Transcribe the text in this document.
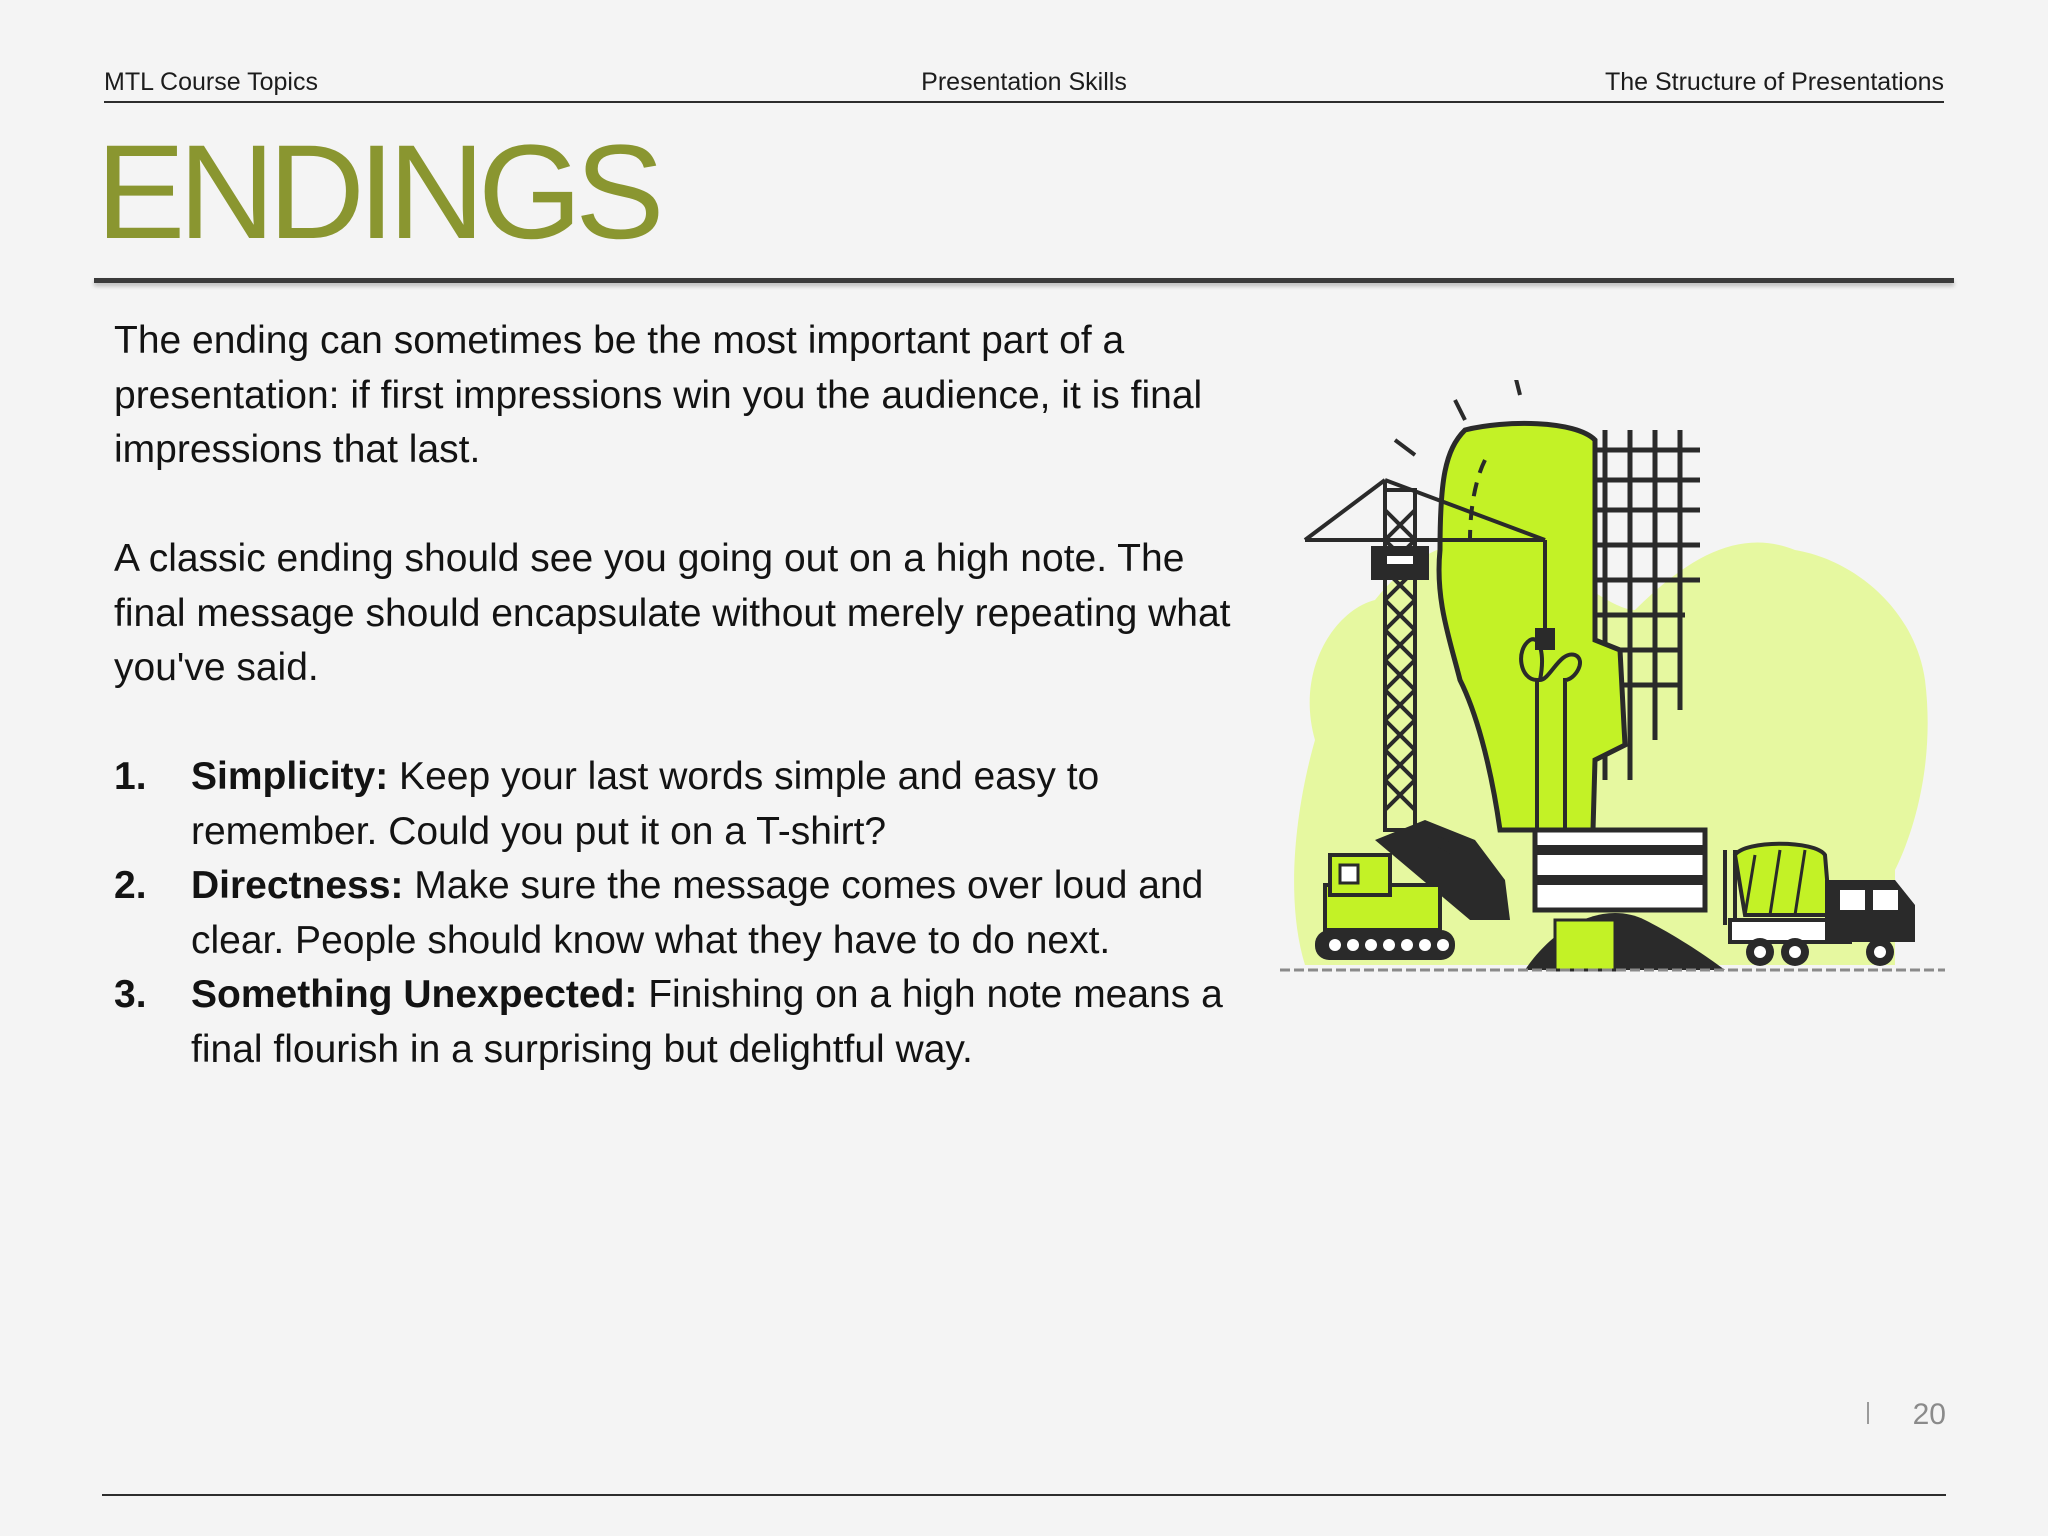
MTL Course Topics	Presentation Skills	The Structure of Presentations
ENDINGS

The ending can sometimes be the most important part of a presentation: if first impressions win you the audience, it is final impressions that last.

A classic ending should see you going out on a high note. The final message should encapsulate without merely repeating what you've said.

1. Simplicity: Keep your last words simple and easy to remember. Could you put it on a T-shirt?
2. Directness: Make sure the message comes over loud and clear. People should know what they have to do next.
3. Something Unexpected: Finishing on a high note means a final flourish in a surprising but delightful way.
20
